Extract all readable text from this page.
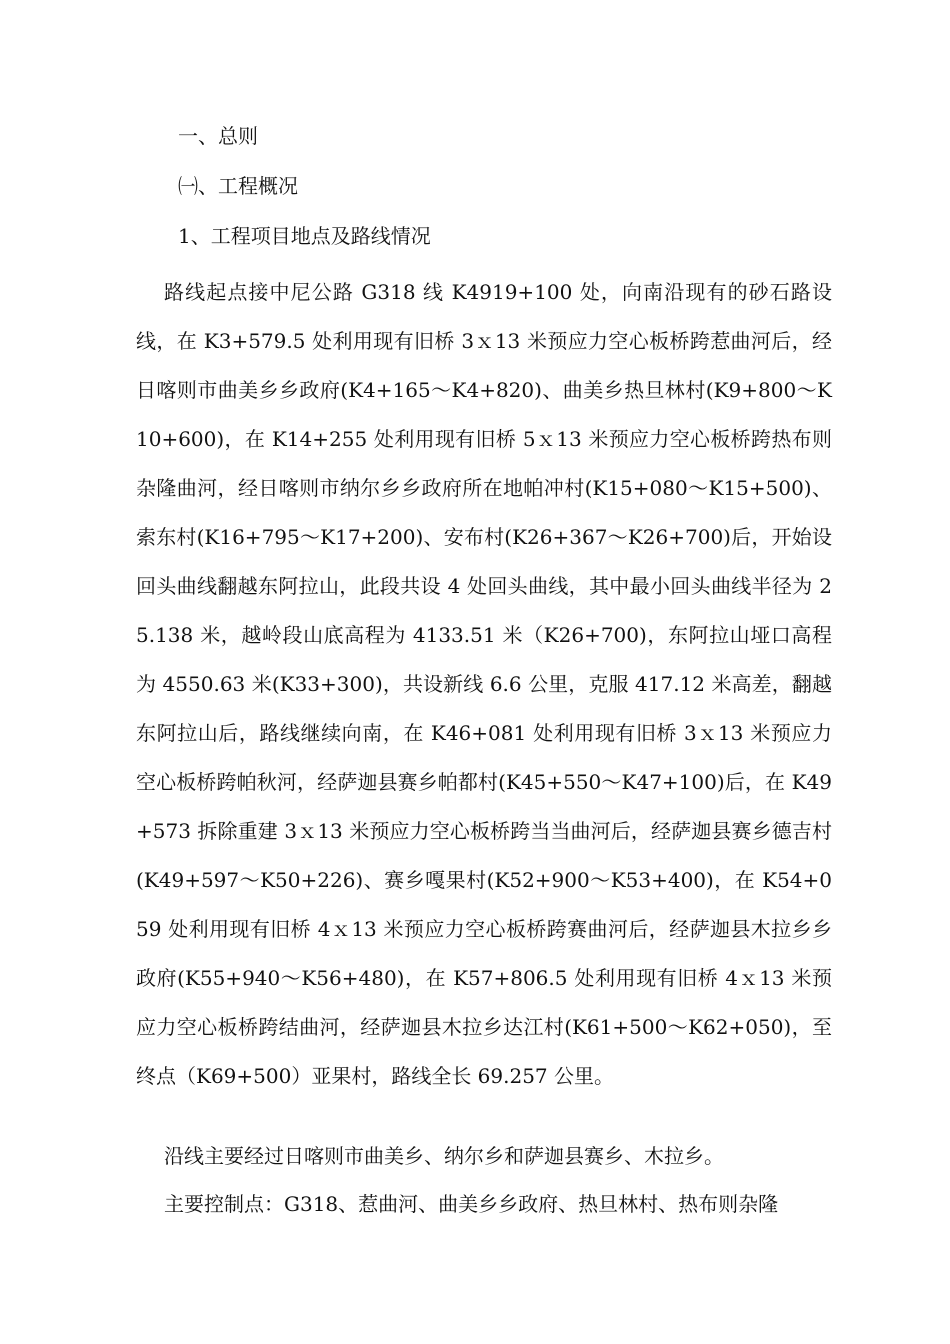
一、总则
㈠、工程概况
1、工程项目地点及路线情况

路线起点接中尼公路 G318 线 K4919+100 处，向南沿现有的砂石路设线，在 K3+579.5 处利用现有旧桥 3ｘ13 米预应力空心板桥跨惹曲河后，经日喀则市曲美乡乡政府(K4+165～K4+820)、曲美乡热旦林村(K9+800～K10+600)，在 K14+255 处利用现有旧桥 5ｘ13 米预应力空心板桥跨热布则杂隆曲河，经日喀则市纳尔乡乡政府所在地帕冲村(K15+080～K15+500)、索东村(K16+795～K17+200)、安布村(K26+367～K26+700)后，开始设回头曲线翻越东阿拉山，此段共设 4 处回头曲线，其中最小回头曲线半径为 25.138 米，越岭段山底高程为 4133.51 米（K26+700)，东阿拉山垭口高程为 4550.63 米(K33+300)，共设新线 6.6 公里，克服 417.12 米高差，翻越东阿拉山后，路线继续向南，在 K46+081 处利用现有旧桥 3ｘ13 米预应力空心板桥跨帕秋河，经萨迦县赛乡帕都村(K45+550～K47+100)后，在 K49+573 拆除重建 3ｘ13 米预应力空心板桥跨当当曲河后，经萨迦县赛乡德吉村(K49+597～K50+226)、赛乡嘎果村(K52+900～K53+400)，在 K54+059 处利用现有旧桥 4ｘ13 米预应力空心板桥跨赛曲河后，经萨迦县木拉乡乡政府(K55+940～K56+480)，在 K57+806.5 处利用现有旧桥 4ｘ13 米预应力空心板桥跨结曲河，经萨迦县木拉乡达江村(K61+500～K62+050)，至终点（K69+500）亚果村，路线全长 69.257 公里。

沿线主要经过日喀则市曲美乡、纳尔乡和萨迦县赛乡、木拉乡。

主要控制点：G318、惹曲河、曲美乡乡政府、热旦林村、热布则杂隆
